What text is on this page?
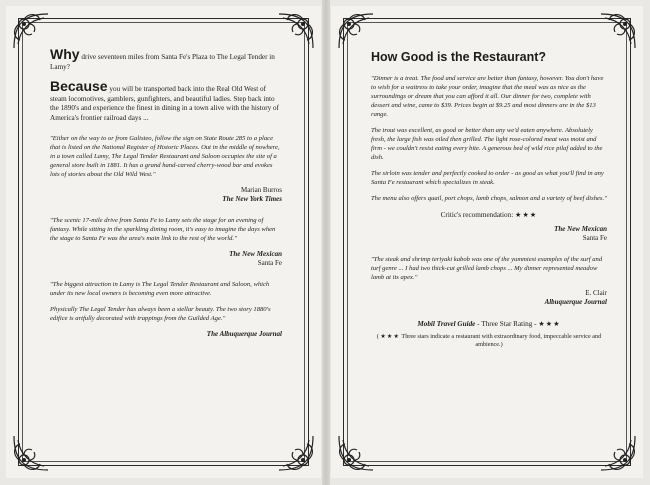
Why drive seventeen miles from Santa Fe's Plaza to The Legal Tender in Lamy?

Because you will be transported back into the Real Old West of steam locomotives, gamblers, gunfighters, and beautiful ladies. Step back into the 1890's and experience the finest in dining in a town alive with the history of America's frontier railroad days ...

"Either on the way to or from Galisteo, follow the sign on State Route 285 to a place that is listed on the National Register of Historic Places. Out in the middle of nowhere, in a town called Lamy, The Legal Tender Restaurant and Saloon occupies the site of a general store built in 1881. It has a grand hand-carved cherry-wood bar and evokes lots of stories about the Old Wild West."

Marian Burros
The New York Times

"The scenic 17-mile drive from Santa Fe to Lamy sets the stage for an evening of fantasy. While sitting in the sparkling dining room, it's easy to imagine the days when the stage to Santa Fe was the area's main link to the rest of the world."

The New Mexican
Santa Fe

"The biggest attraction in Lamy is The Legal Tender Restaurant and Saloon, which under its new local owners is becoming even more attractive.

Physically The Legal Tender has always been a stellar beauty. The two story 1880's edifice is artfully decorated with trappings from the Guilded Age."

The Albuquerque Journal
How Good is the Restaurant?

"Dinner is a treat. The food and service are better than fantasy, however. You don't have to wish for a waitress to take your order, imagine that the meal was as nice as the surroundings or dream that you can afford it all. Our dinner for two, complete with dessert and wine, came to $39. Prices begin at $9.25 and most dinners are in the $13 range.

The trout was excellent, as good or better than any we'd eaten anywhere. Absolutely fresh, the large fish was oiled then grilled. The light rose-colored meat was moist and firm - we couldn't resist eating every bite. A generous bed of wild rice pilaf added to the dish.

The sirloin was tender and perfectly cooked to order - as good as what you'll find in any Santa Fe restaurant which specializes in steak.

The menu also offers quail, port chops, lamb chops, salmon and a variety of beef dishes."

Critic's recommendation: ★★★
The New Mexican
Santa Fe

"The steak and shrimp teriyaki kabob was one of the yummiest examples of the surf and turf genre ... I had two thick-cut grilled lamb chops ... My dinner represented meadow lamb at its apex."

E. Clair
Albuquerque Journal
Mobil Travel Guide - Three Star Rating - ★★★
( ★★★ Three stars indicate a restaurant with extraordinary food, impeccable service and ambience.)
